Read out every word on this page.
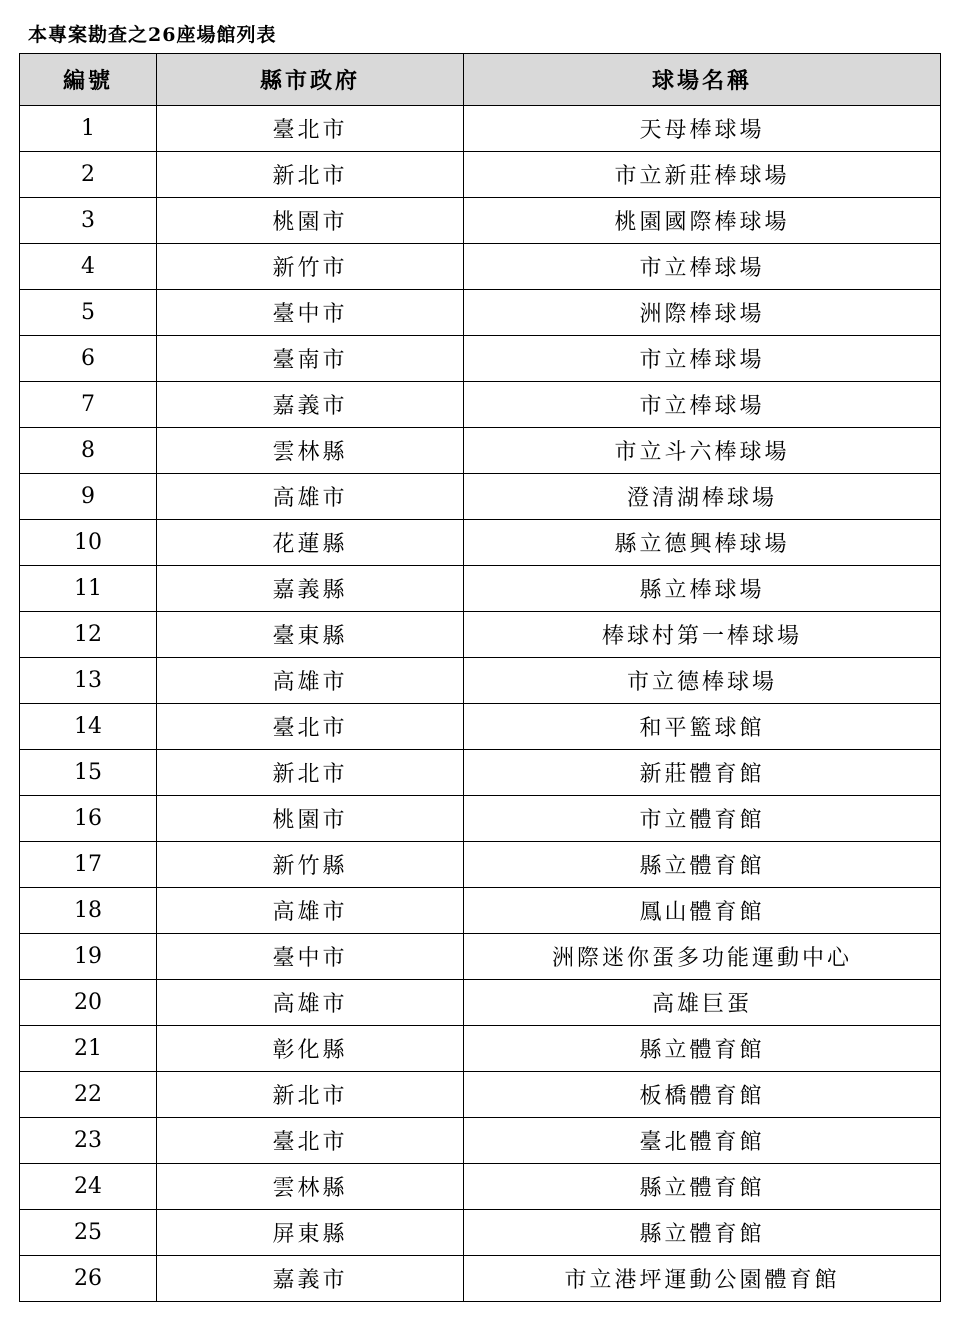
本專案勘查之26座場館列表
編號	縣市政府	球場名稱
1	臺北市	天母棒球場
2	新北市	市立新莊棒球場
3	桃園市	桃園國際棒球場
4	新竹市	市立棒球場
5	臺中市	洲際棒球場
6	臺南市	市立棒球場
7	嘉義市	市立棒球場
8	雲林縣	市立斗六棒球場
9	高雄市	澄清湖棒球場
10	花蓮縣	縣立德興棒球場
11	嘉義縣	縣立棒球場
12	臺東縣	棒球村第一棒球場
13	高雄市	市立德棒球場
14	臺北市	和平籃球館
15	新北市	新莊體育館
16	桃園市	市立體育館
17	新竹縣	縣立體育館
18	高雄市	鳳山體育館
19	臺中市	洲際迷你蛋多功能運動中心
20	高雄市	高雄巨蛋
21	彰化縣	縣立體育館
22	新北市	板橋體育館
23	臺北市	臺北體育館
24	雲林縣	縣立體育館
25	屏東縣	縣立體育館
26	嘉義市	市立港坪運動公園體育館
